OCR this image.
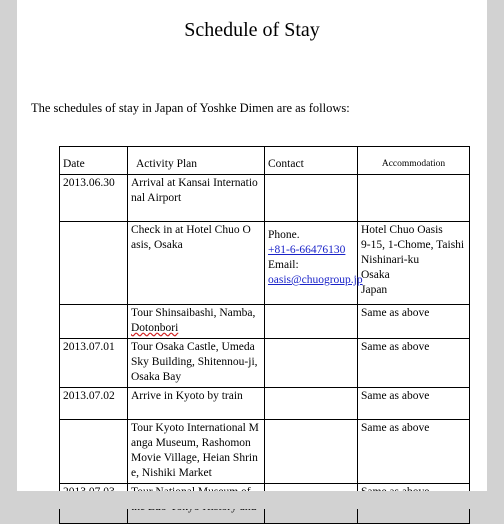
Schedule of Stay
The schedules of stay in Japan of Yoshke Dimen are as follows:
Date	Activity Plan	Contact	Accommodation
2013.06.30	Arrival at Kansai Internatio
nal Airport		

	Check in at Hotel Chuo O
asis, Osaka	Phone.
+81-6-66476130
Email:
oasis@chuogroup.jp	Hotel Chuo Oasis
9-15, 1-Chome, Taishi
Nishinari-ku
Osaka
Japan

	Tour Shinsaibashi, Namba,
Dotonbori		Same as above

2013.07.01	Tour Osaka Castle, Umeda
Sky Building, Shitennou-ji,
Osaka Bay		Same as above

2013.07.02	Arrive in Kyoto by train		Same as above

	Tour Kyoto International M
anga Museum, Rashomon
Movie Village, Heian Shrin
e, Nishiki Market		Same as above
